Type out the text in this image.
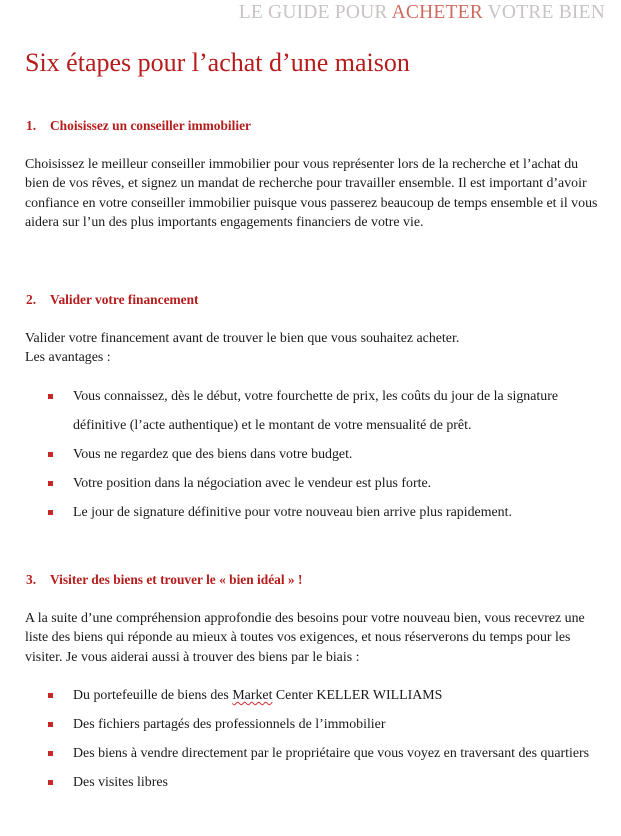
LE GUIDE POUR ACHETER VOTRE BIEN
Six étapes pour l’achat d’une maison
1. Choisissez un conseiller immobilier

Choisissez le meilleur conseiller immobilier pour vous représenter lors de la recherche et l’achat du bien de vos rêves, et signez un mandat de recherche pour travailler ensemble. Il est important d’avoir confiance en votre conseiller immobilier puisque vous passerez beaucoup de temps ensemble et il vous aidera sur l’un des plus importants engagements financiers de votre vie.

2. Valider votre financement

Valider votre financement avant de trouver le bien que vous souhaitez acheter.
Les avantages :

Vous connaissez, dès le début, votre fourchette de prix, les coûts du jour de la signature définitive (l’acte authentique) et le montant de votre mensualité de prêt.
Vous ne regardez que des biens dans votre budget.
Votre position dans la négociation avec le vendeur est plus forte.
Le jour de signature définitive pour votre nouveau bien arrive plus rapidement.
3. Visiter des biens et trouver le « bien idéal » !

A la suite d’une compréhension approfondie des besoins pour votre nouveau bien, vous recevrez une liste des biens qui réponde au mieux à toutes vos exigences, et nous réserverons du temps pour les visiter. Je vous aiderai aussi à trouver des biens par le biais :

Du portefeuille de biens des Market Center KELLER WILLIAMS
Des fichiers partagés des professionnels de l’immobilier
Des biens à vendre directement par le propriétaire que vous voyez en traversant des quartiers
Des visites libres
